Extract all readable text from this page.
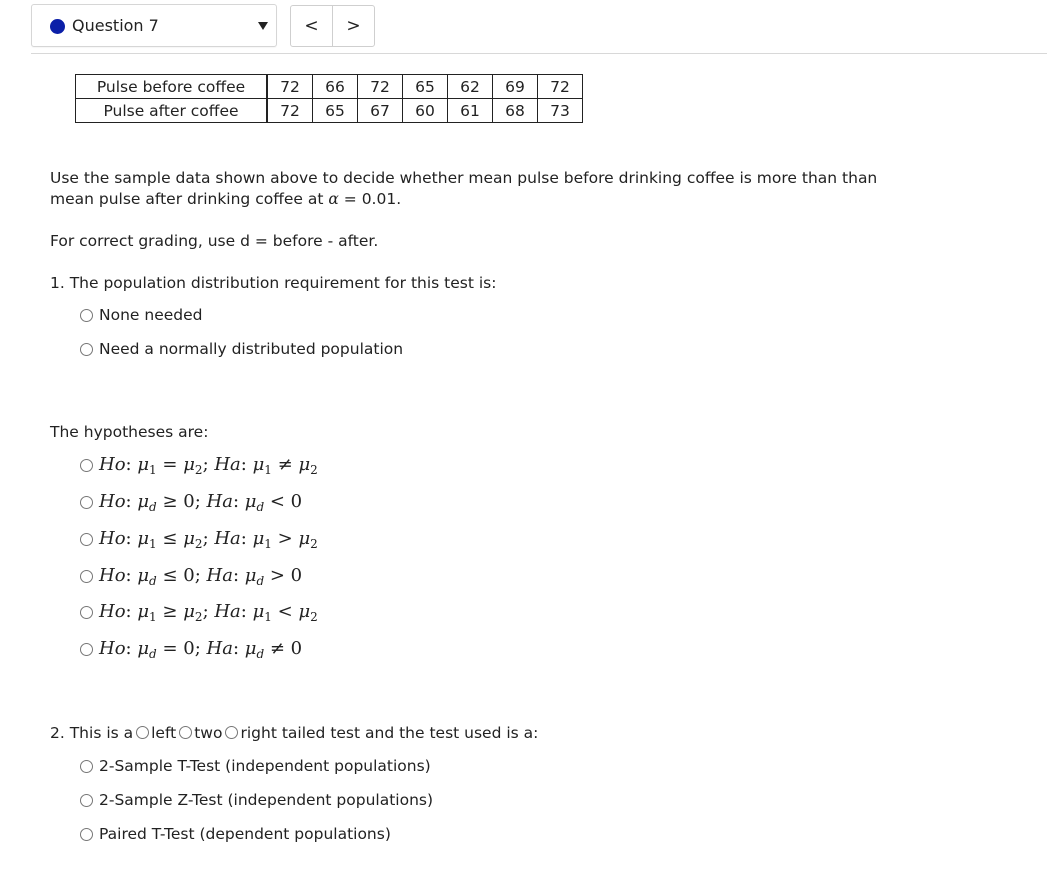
Question 7	<	>
Pulse before coffee	72	66	72	65	62	69	72
Pulse after coffee	72	65	67	60	61	68	73
Use the sample data shown above to decide whether mean pulse before drinking coffee is more than than
mean pulse after drinking coffee at α = 0.01.
For correct grading, use d = before - after.
1. The population distribution requirement for this test is:
None needed
Need a normally distributed population
The hypotheses are:
Ho: $\mu_1 = \mu_2$; Ha: $\mu_1 \ne \mu_2$
Ho: $\mu_d \ge 0$; Ha: $\mu_d < 0$
Ho: $\mu_1 \le \mu_2$; Ha: $\mu_1 > \mu_2$
Ho: $\mu_d \le 0$; Ha: $\mu_d > 0$
Ho: $\mu_1 \ge \mu_2$; Ha: $\mu_1 < \mu_2$
Ho: $\mu_d = 0$; Ha: $\mu_d \ne 0$
2. This is a left two right tailed test and the test used is a:
2-Sample T-Test (independent populations)
2-Sample Z-Test (independent populations)
Paired T-Test (dependent populations)
